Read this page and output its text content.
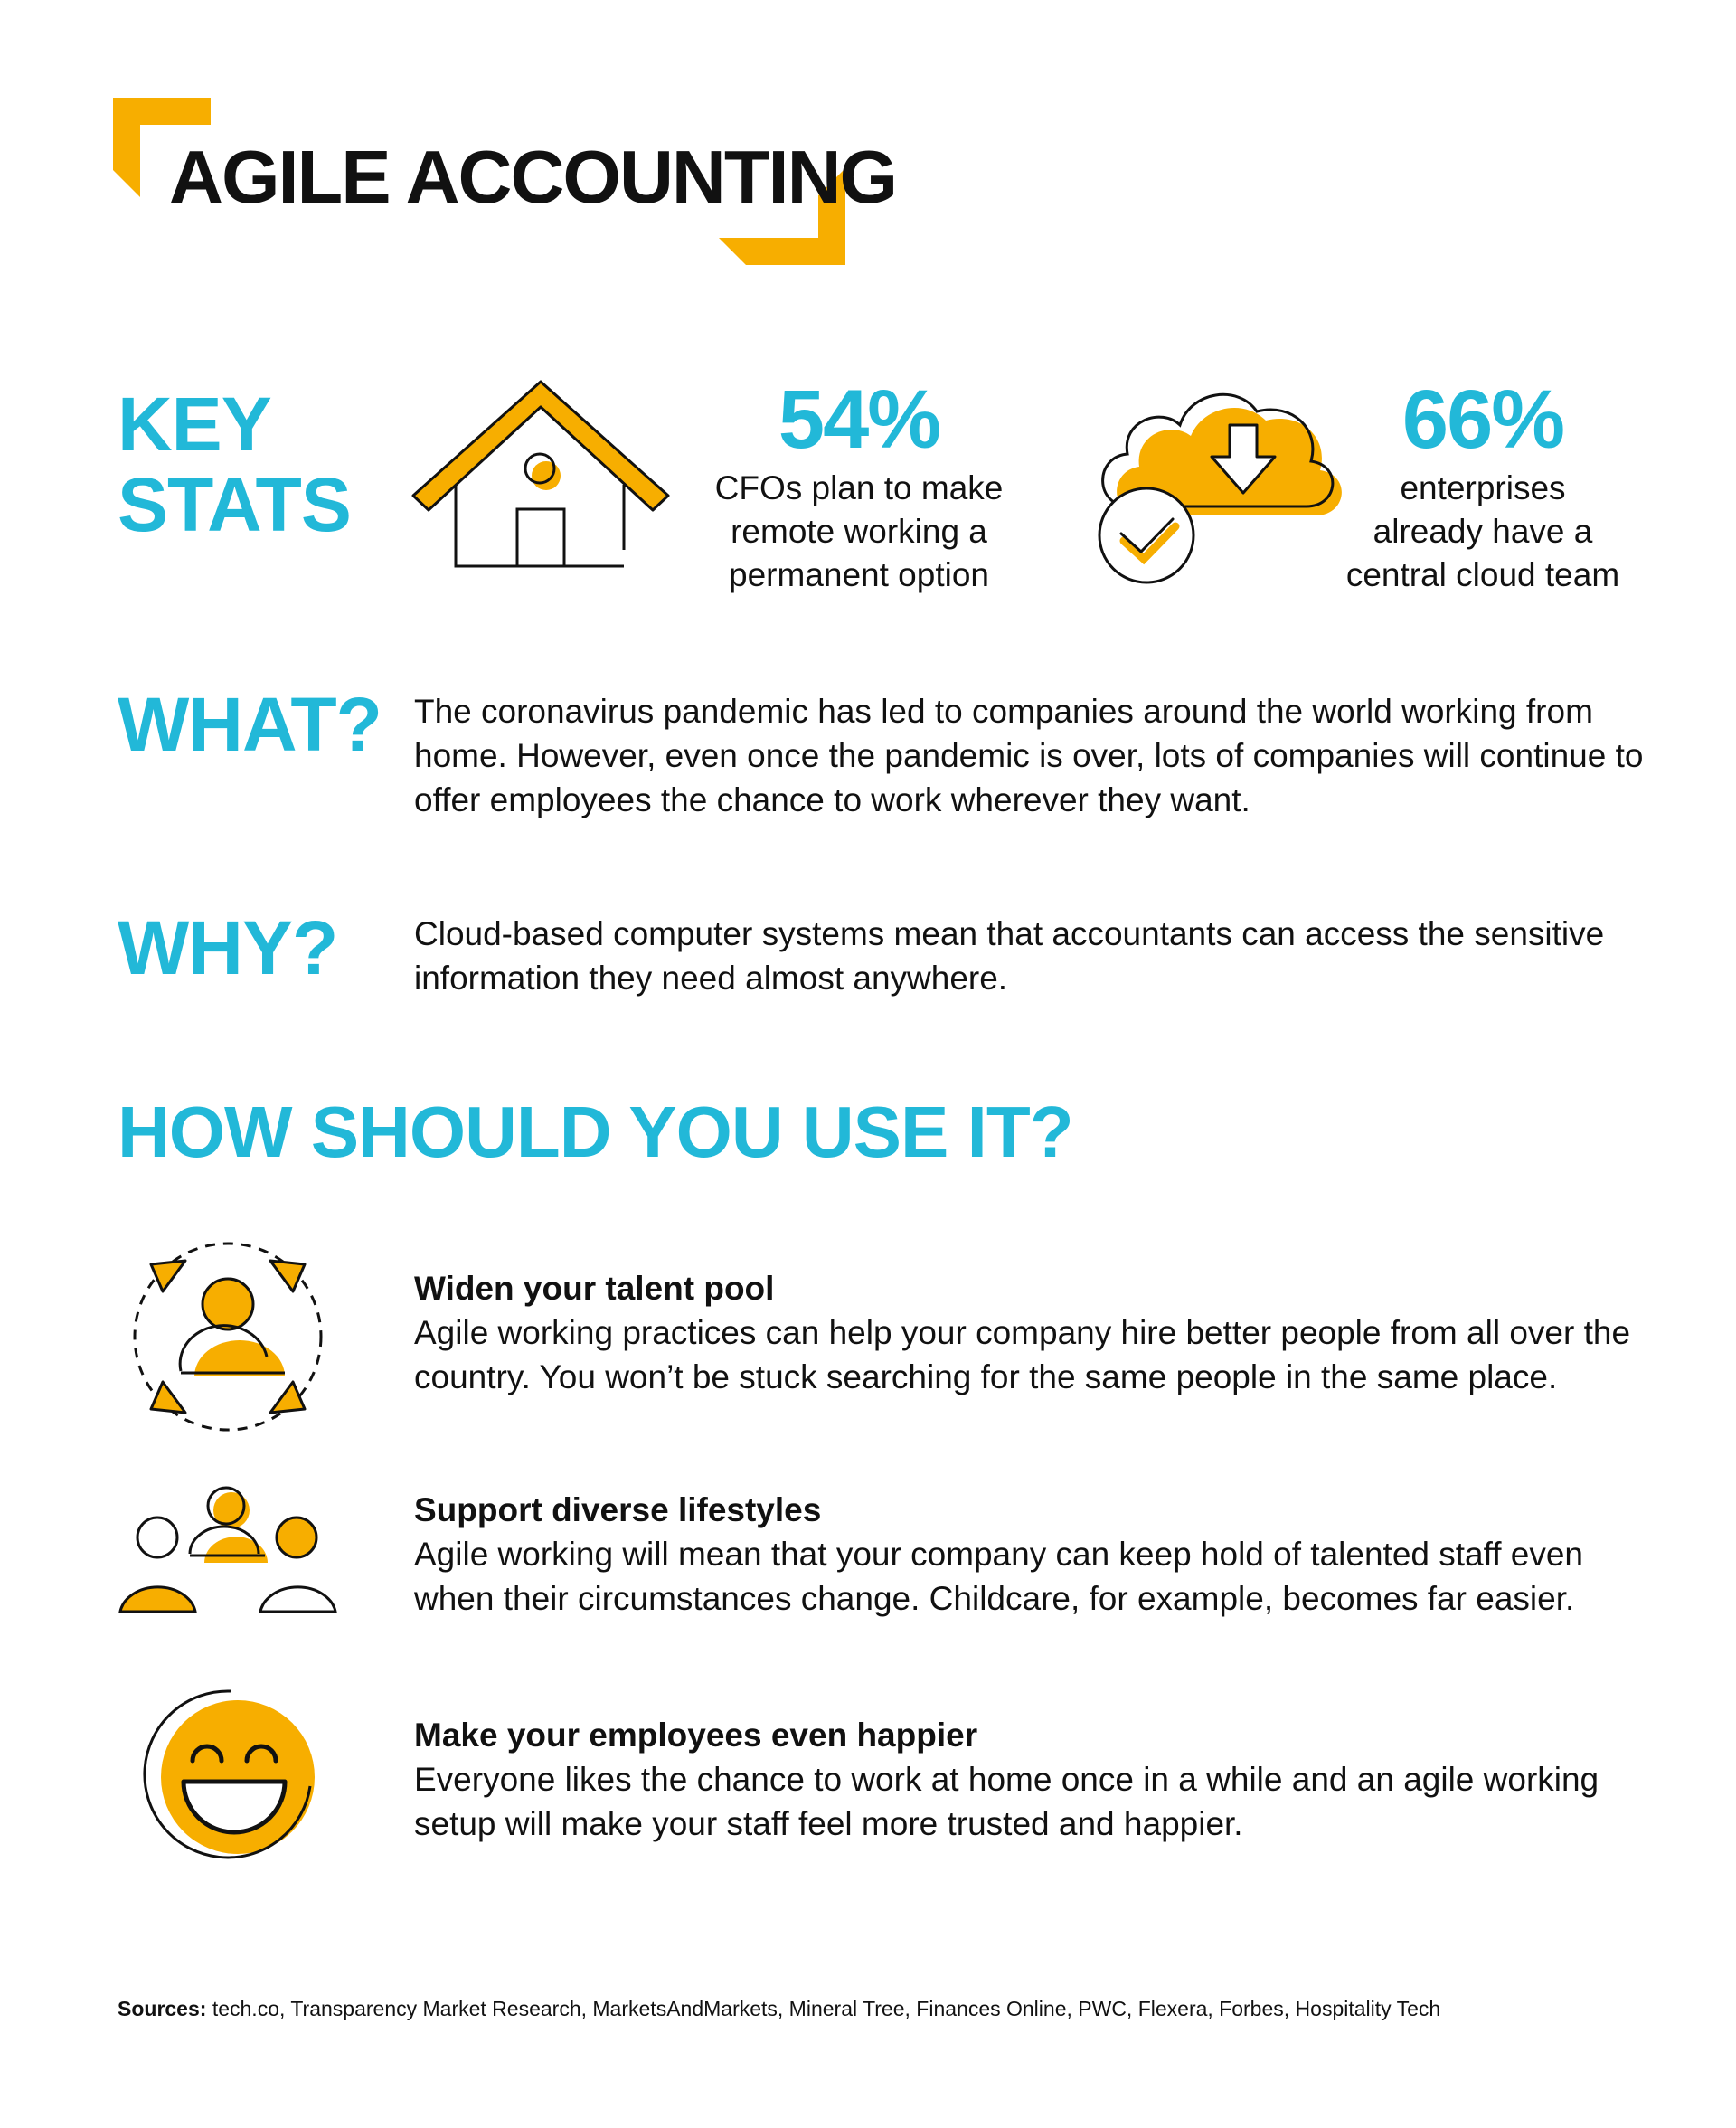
AGILE ACCOUNTING

KEY

STATS

54%

CFOs plan to make

remote working a

permanent option

66%

enterprises

already have a

central cloud team

WHAT? The coronavirus pandemic has led to companies around the world working from home. However, even once the pandemic is over, lots of companies will continue to offer employees the chance to work wherever they want.

WHY? Cloud-based computer systems mean that accountants can access the sensitive information they need almost anywhere.

HOW SHOULD YOU USE IT?

Widen your talent pool

Agile working practices can help your company hire better people from all over the country. You won’t be stuck searching for the same people in the same place.

Support diverse lifestyles

Agile working will mean that your company can keep hold of talented staff even when their circumstances change. Childcare, for example, becomes far easier.

Make your employees even happier

Everyone likes the chance to work at home once in a while and an agile working setup will make your staff feel more trusted and happier.

Sources: tech.co, Transparency Market Research, MarketsAndMarkets, Mineral Tree, Finances Online, PWC, Flexera, Forbes, Hospitality Tech
